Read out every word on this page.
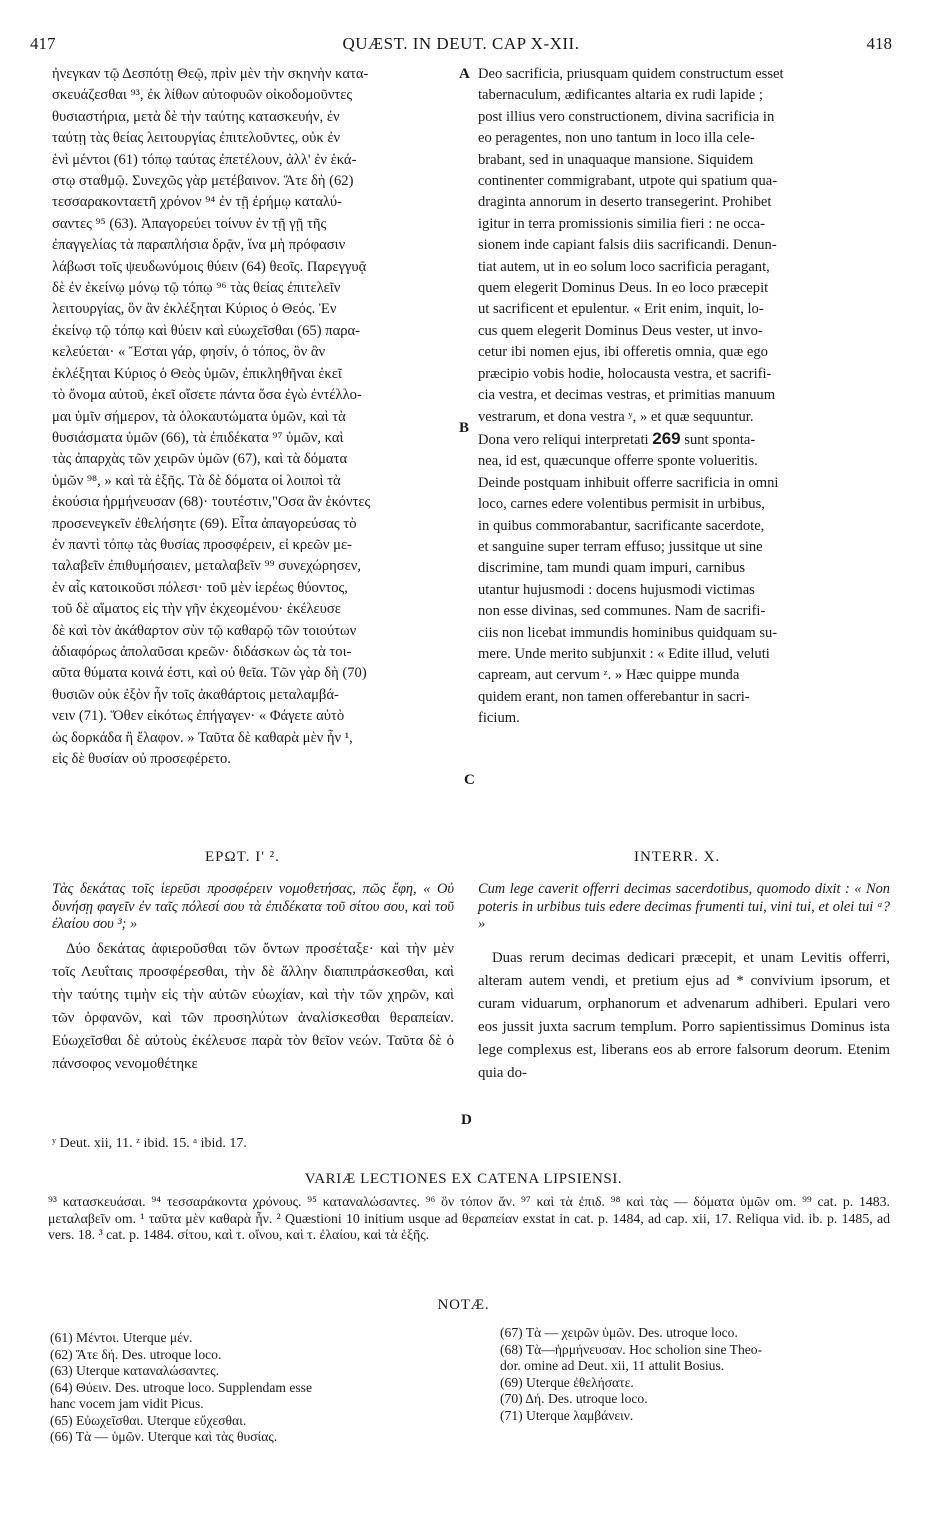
417	QUÆST. IN DEUT. CAP X-XII.	418
ἠνεγκαν τῷ Δεσπότῃ Θεῷ, πρὶν μὲν τὴν σκηνὴν κατα-
σκευάζεσθαι ⁹³, ἐκ λίθων αὐτοφυῶν οἰκοδομοῦντες
θυσιαστήρια, μετὰ δὲ τὴν ταύτης κατασκευήν, ἐν
ταύτῃ τὰς θείας λειτουργίας ἐπιτελοῦντες, οὐκ ἐν
ἑνὶ μέντοι (61) τόπῳ ταύτας ἐπετέλουν, ἀλλ' ἐν ἑκά-
στῳ σταθμῷ. Συνεχῶς γὰρ μετέβαινον. Ἅτε δὴ (62)
τεσσαρακονταετῆ χρόνον ⁹⁴ ἐν τῇ ἐρήμῳ καταλύ-
σαντες ⁹⁵ (63). Ἀπαγορεύει τοίνυν ἐν τῇ γῇ τῆς
ἐπαγγελίας τὰ παραπλήσια δρᾷν, ἵνα μὴ πρόφασιν
λάβωσι τοῖς ψευδωνύμοις θύειν (64) θεοῖς. Παρεγγυᾷ
δὲ ἐν ἐκείνῳ μόνῳ τῷ τόπῳ ⁹⁶ τὰς θείας ἐπιτελεῖν
λειτουργίας, ὃν ἂν ἐκλέξηται Κύριος ὁ Θεός. Ἐν
ἐκείνῳ τῷ τόπῳ καὶ θύειν καὶ εὐωχεῖσθαι (65) παρα-
κελεύεται· « Ἔσται γάρ, φησίν, ὁ τόπος, ὃν ἂν
ἐκλέξηται Κύριος ὁ Θεὸς ὑμῶν, ἐπικληθῆναι ἐκεῖ
τὸ ὄνομα αὐτοῦ, ἐκεῖ οἴσετε πάντα ὅσα ἐγὼ ἐντέλλο-
μαι ὑμῖν σήμερον, τὰ ὁλοκαυτώματα ὑμῶν, καὶ τὰ
θυσιάσματα ὑμῶν (66), τὰ ἐπιδέκατα ⁹⁷ ὑμῶν, καὶ
τὰς ἀπαρχὰς τῶν χειρῶν ὑμῶν (67), καὶ τὰ δόματα
ὑμῶν ⁹⁸, » καὶ τὰ ἑξῆς. Τὰ δὲ δόματα οἱ λοιποὶ τὰ
ἑκούσια ἡρμήνευσαν (68)· τουτέστιν,"Οσα ἂν ἑκόντες
προσενεγκεῖν ἐθελήσητε (69). Εἶτα ἀπαγορεύσας τὸ
ἐν παντὶ τόπῳ τὰς θυσίας προσφέρειν, εἰ κρεῶν με-
ταλαβεῖν ἐπιθυμήσαιεν, μεταλαβεῖν ⁹⁹ συνεχώρησεν,
ἐν αἷς κατοικοῦσι πόλεσι· τοῦ μὲν ἱερέως θύοντος,
τοῦ δὲ αἵματος εἰς τὴν γῆν ἐκχεομένου· ἐκέλευσε
δὲ καὶ τὸν ἀκάθαρτον σὺν τῷ καθαρῷ τῶν τοιούτων
ἀδιαφόρως ἀπολαῦσαι κρεῶν· διδάσκων ὡς τὰ τοι-
αῦτα θύματα κοινά ἐστι, καὶ οὐ θεῖα. Τῶν γὰρ δὴ (70)
θυσιῶν οὐκ ἐξὸν ἦν τοῖς ἀκαθάρτοις μεταλαμβά-
νειν (71). Ὅθεν εἰκότως ἐπήγαγεν· « Φάγετε αὐτὸ
ὡς δορκάδα ἢ ἔλαφον. » Ταῦτα δὲ καθαρὰ μὲν ἦν ¹,
εἰς δὲ θυσίαν οὐ προσεφέρετο.
Deo sacrificia, priusquam quidem constructum esset
tabernaculum, ædificantes altaria ex rudi lapide ;
post illius vero constructionem, divina sacrificia in
eo peragentes, non uno tantum in loco illa cele-
brabant, sed in unaquaque mansione. Siquidem
continenter commigrabant, utpote qui spatium qua-
draginta annorum in deserto transegerint. Prohibet
igitur in terra promissionis similia fieri : ne occa-
sionem inde capiant falsis diis sacrificandi. Denun-
tiat autem, ut in eo solum loco sacrificia peragant,
quem elegerit Dominus Deus. In eo loco præcepit
ut sacrificent et epulentur. « Erit enim, inquit, lo-
cus quem elegerit Dominus Deus vester, ut invo-
cetur ibi nomen ejus, ibi offeretis omnia, quæ ego
præcipio vobis hodie, holocausta vestra, et sacrifi-
cia vestra, et decimas vestras, et primitias manuum
vestrarum, et dona vestra ʸ, » et quæ sequuntur.
Dona vero reliqui interpretati 269 sunt sponta-
nea, id est, quæcunque offerre sponte volueritis.
Deinde postquam inhibuit offerre sacrificia in omni
loco, carnes edere volentibus permisit in urbibus,
in quibus commorabantur, sacrificante sacerdote,
et sanguine super terram effuso; jussitque ut sine
discrimine, tam mundi quam impuri, carnibus
utantur hujusmodi : docens hujusmodi victimas
non esse divinas, sed communes. Nam de sacrifi-
ciis non licebat immundis hominibus quidquam su-
mere. Unde merito subjunxit : « Edite illud, veluti
capream, aut cervum ᶻ. » Hæc quippe munda
quidem erant, non tamen offerebantur in sacri-
ficium.
A
B
C
D
ΕΡΩΤ. Ι' ².	INTERR. X.
Τὰς δεκάτας τοῖς ἱερεῦσι προσφέρειν νομοθετήσας, πῶς ἔφη, « Οὐ δυνήσῃ φαγεῖν ἐν ταῖς πόλεσί σου τὰ ἐπιδέκατα τοῦ σίτου σου, καὶ τοῦ ἐλαίου σου ³; »
Cum lege caverit offerri decimas sacerdotibus, quomodo dixit : « Non poteris in urbibus tuis edere decimas frumenti tui, vini tui, et olei tui ᵃ? »

Δύο δεκάτας ἀφιεροῦσθαι τῶν ὄντων προσέταξε· καὶ τὴν μὲν τοῖς Λευΐταις προσφέρεσθαι, τὴν δὲ ἄλλην διαπιπράσκεσθαι, καὶ τὴν ταύτης τιμὴν εἰς τὴν αὐτῶν εὐωχίαν, καὶ τὴν τῶν χηρῶν, καὶ τῶν ὀρφανῶν, καὶ τῶν προσηλύτων ἀναλίσκεσθαι θεραπείαν. Εὐωχεῖσθαι δὲ αὐτοὺς ἐκέλευσε παρὰ τὸν θεῖον νεών. Ταῦτα δὲ ὁ πάνσοφος νενομοθέτηκε

Duas rerum decimas dedicari præcepit, et unam Levitis offerri, alteram autem vendi, et pretium ejus ad * convivium ipsorum, et curam viduarum, orphanorum et advenarum adhiberi. Epulari vero eos jussit juxta sacrum templum. Porro sapientissimus Dominus ista lege complexus est, liberans eos ab errore falsorum deorum. Etenim quia do-

ʸ Deut. xii, 11. ᶻ ibid. 15. ᵃ ibid. 17.
VARIÆ LECTIONES EX CATENA LIPSIENSI.
⁹³ κατασκευάσαι. ⁹⁴ τεσσαράκοντα χρόνους. ⁹⁵ καταναλώσαντες. ⁹⁶ ὃν τόπον ἄν. ⁹⁷ καὶ τὰ ἐπιδ. ⁹⁸ καὶ τὰς — δόματα ὑμῶν om. ⁹⁹ cat. p. 1483. μεταλαβεῖν om. ¹ ταῦτα μὲν καθαρὰ ἦν. ² Quæstioni 10 initium usque ad θεραπείαν exstat in cat. p. 1484, ad cap. xii, 17. Reliqua vid. ib. p. 1485, ad vers. 18. ³ cat. p. 1484. σίτου, καὶ τ. οἴνου, καὶ τ. ἐλαίου, καὶ τὰ ἑξῆς.
NOTÆ.
(61) Μέντοι. Uterque μέν.
(62) Ἅτε δή. Des. utroque loco.
(63) Uterque καταναλώσαντες.
(64) Θύειν. Des. utroque loco. Supplendam esse
hanc vocem jam vidit Picus.
(65) Εὐωχεῖσθαι. Uterque εὔχεσθαι.
(66) Τὰ — ὑμῶν. Uterque καὶ τὰς θυσίας.
(67) Τὰ — χειρῶν ὑμῶν. Des. utroque loco.
(68) Τὰ—ἡρμήνευσαν. Hoc scholion sine Theo-
dor. omine ad Deut. xii, 11 attulit Bosius.
(69) Uterque ἐθελήσατε.
(70) Δή. Des. utroque loco.
(71) Uterque λαμβάνειν.
